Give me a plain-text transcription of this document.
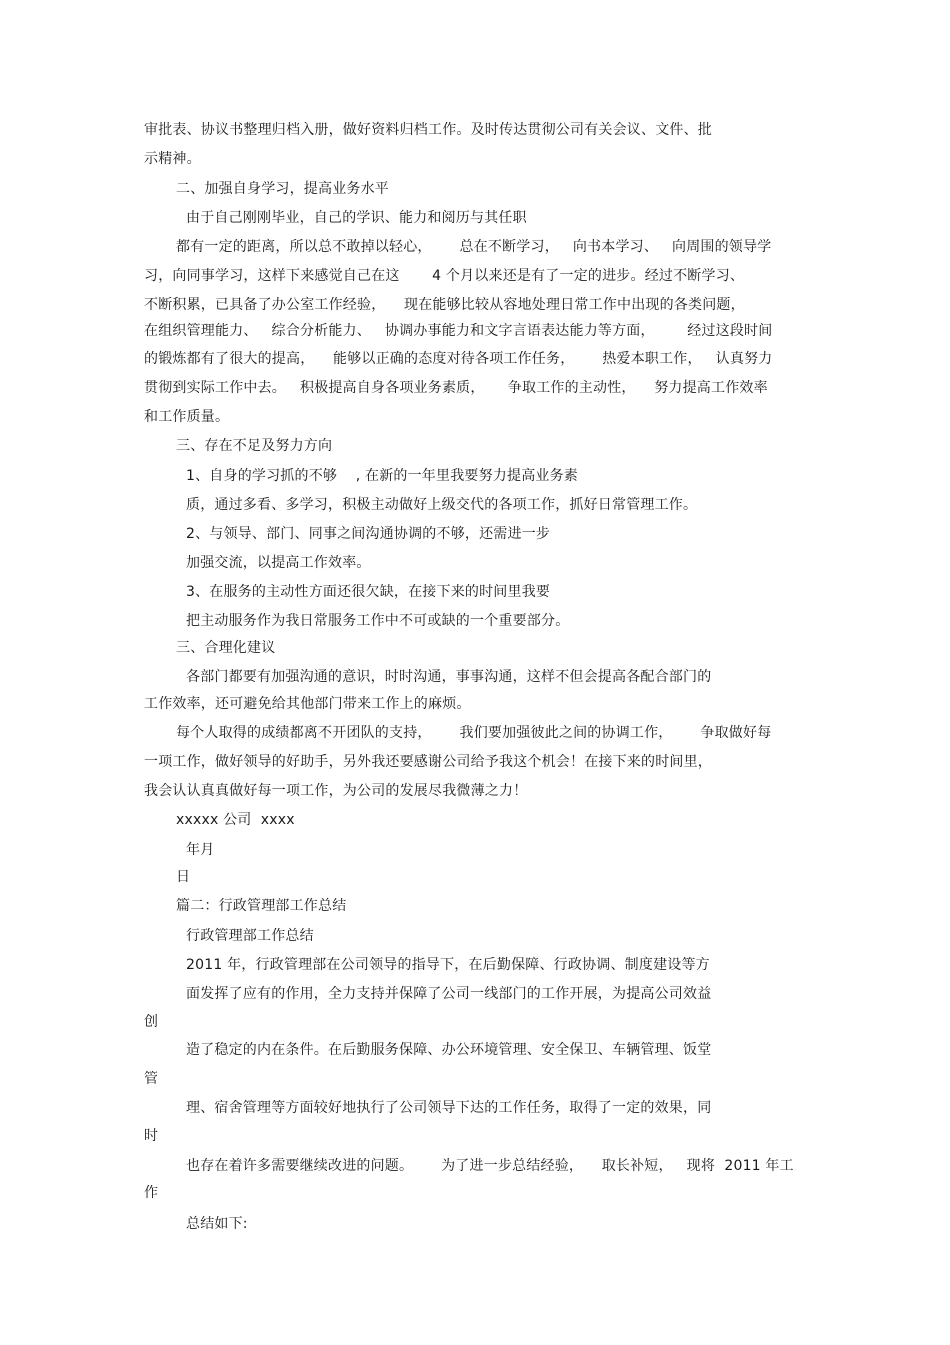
审批表、协议书整理归档入册，做好资料归档工作。及时传达贯彻公司有关会议、文件、批
示精神。
二、加强自身学习，提高业务水平
由于自己刚刚毕业，自己的学识、能力和阅历与其任职
都有一定的距离，所以总不敢掉以轻心，      总在不断学习，   向书本学习、   向周围的领导学
习，向同事学习，这样下来感觉自己在这       4 个月以来还是有了一定的进步。经过不断学习、
不断积累，已具备了办公室工作经验，    现在能够比较从容地处理日常工作中出现的各类问题，
在组织管理能力、   综合分析能力、   协调办事能力和文字言语表达能力等方面，       经过这段时间
的锻炼都有了很大的提高，    能够以正确的态度对待各项工作任务，      热爱本职工作，   认真努力
贯彻到实际工作中去。   积极提高自身各项业务素质，     争取工作的主动性，    努力提高工作效率
和工作质量。
三、存在不足及努力方向
1、自身的学习抓的不够    , 在新的一年里我要努力提高业务素
质，通过多看、多学习，积极主动做好上级交代的各项工作，抓好日常管理工作。
2、与领导、部门、同事之间沟通协调的不够，还需进一步
加强交流，以提高工作效率。
3、在服务的主动性方面还很欠缺，在接下来的时间里我要
把主动服务作为我日常服务工作中不可或缺的一个重要部分。
三、合理化建议
各部门都要有加强沟通的意识，时时沟通，事事沟通，这样不但会提高各配合部门的
工作效率，还可避免给其他部门带来工作上的麻烦。
每个人取得的成绩都离不开团队的支持，      我们要加强彼此之间的协调工作，      争取做好每
一项工作，做好领导的好助手，另外我还要感谢公司给予我这个机会！在接下来的时间里，
我会认认真真做好每一项工作，为公司的发展尽我微薄之力！
xxxxx 公司  xxxx
年月
日
篇二：行政管理部工作总结
行政管理部工作总结
2011 年，行政管理部在公司领导的指导下，在后勤保障、行政协调、制度建设等方
面发挥了应有的作用，全力支持并保障了公司一线部门的工作开展，为提高公司效益
创
造了稳定的内在条件。在后勤服务保障、办公环境管理、安全保卫、车辆管理、饭堂
管
理、宿舍管理等方面较好地执行了公司领导下达的工作任务，取得了一定的效果，同
时
也存在着许多需要继续改进的问题。      为了进一步总结经验，    取长补短，   现将  2011 年工
作
总结如下:
